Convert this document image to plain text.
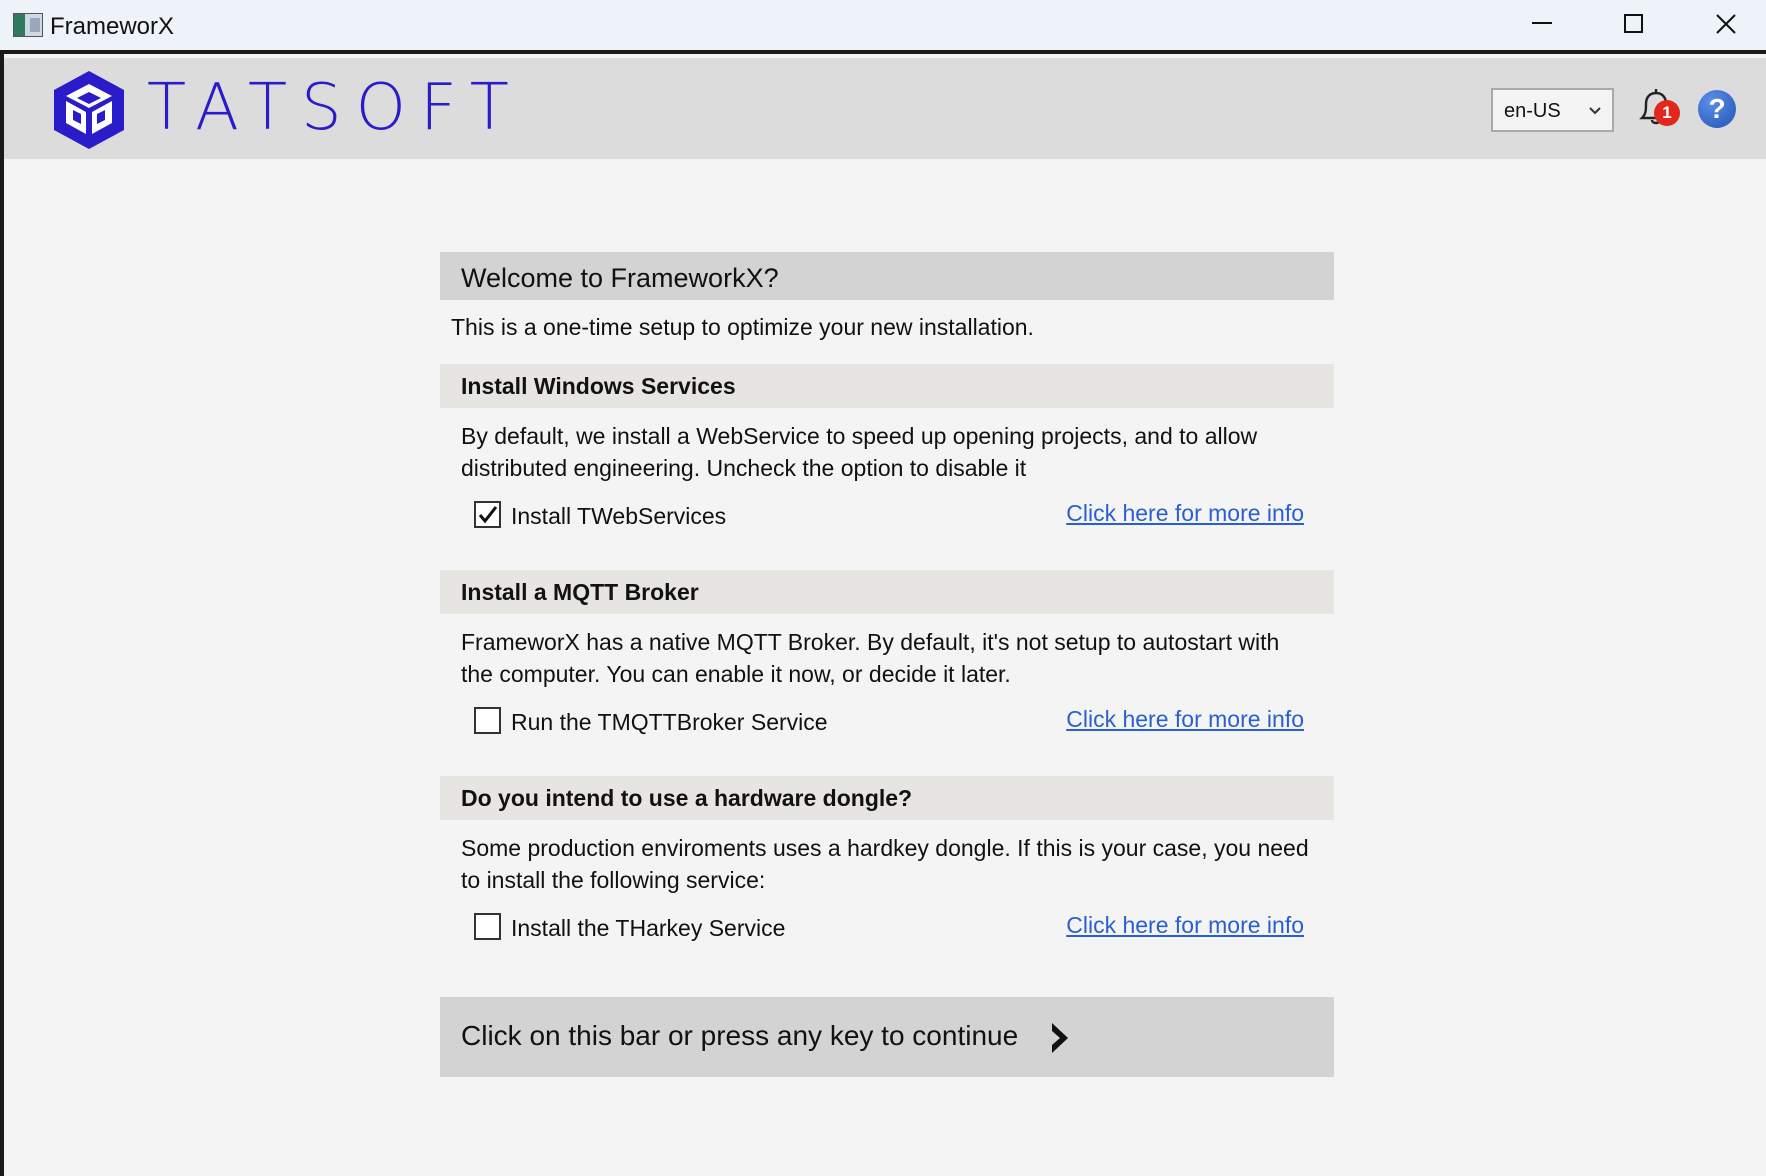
FrameworX
TATSOFT	en-US	1	?
Welcome to FrameworkX?
This is a one-time setup to optimize your new installation.
Install Windows Services
By default, we install a WebService to speed up opening projects, and to allow distributed engineering. Uncheck the option to disable it
Install TWebServices	Click here for more info
Install a MQTT Broker
FrameworX has a native MQTT Broker. By default, it's not setup to autostart with the computer. You can enable it now, or decide it later.
Run the TMQTTBroker Service	Click here for more info
Do you intend to use a hardware dongle?
Some production enviroments uses a hardkey dongle. If this is your case, you need to install the following service:
Install the THarkey Service	Click here for more info
Click on this bar or press any key to continue
